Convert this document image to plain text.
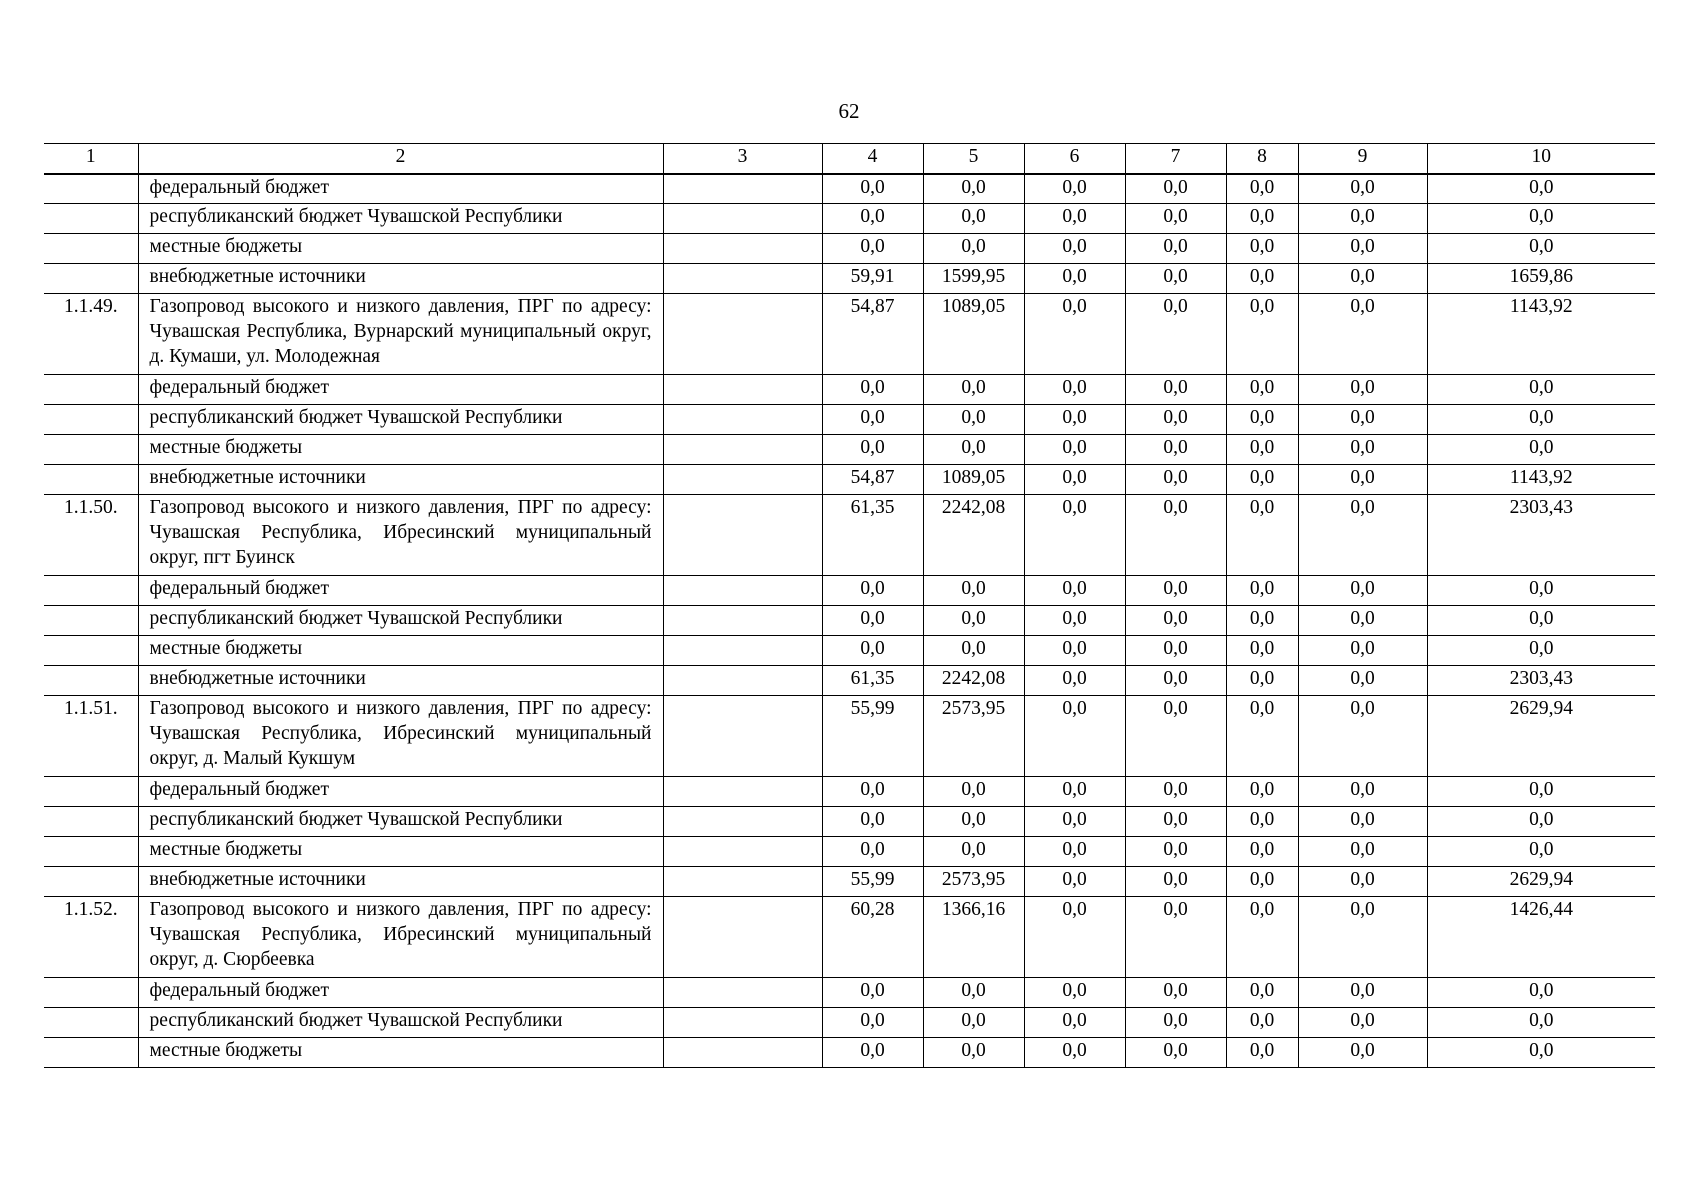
62
1	2	3	4	5	6	7	8	9	10
	федеральный бюджет		0,0	0,0	0,0	0,0	0,0	0,0	0,0
	республиканский бюджет Чувашской Республики		0,0	0,0	0,0	0,0	0,0	0,0	0,0
	местные бюджеты		0,0	0,0	0,0	0,0	0,0	0,0	0,0
	внебюджетные источники		59,91	1599,95	0,0	0,0	0,0	0,0	1659,86
1.1.49.	Газопровод высокого и низкого давления, ПРГ по адресу: Чувашская Республика, Вурнарский муниципальный округ, д. Кумаши, ул. Молодежная		54,87	1089,05	0,0	0,0	0,0	0,0	1143,92
	федеральный бюджет		0,0	0,0	0,0	0,0	0,0	0,0	0,0
	республиканский бюджет Чувашской Республики		0,0	0,0	0,0	0,0	0,0	0,0	0,0
	местные бюджеты		0,0	0,0	0,0	0,0	0,0	0,0	0,0
	внебюджетные источники		54,87	1089,05	0,0	0,0	0,0	0,0	1143,92
1.1.50.	Газопровод высокого и низкого давления, ПРГ по адресу: Чувашская Республика, Ибресинский муниципальный округ, пгт Буинск		61,35	2242,08	0,0	0,0	0,0	0,0	2303,43
	федеральный бюджет		0,0	0,0	0,0	0,0	0,0	0,0	0,0
	республиканский бюджет Чувашской Республики		0,0	0,0	0,0	0,0	0,0	0,0	0,0
	местные бюджеты		0,0	0,0	0,0	0,0	0,0	0,0	0,0
	внебюджетные источники		61,35	2242,08	0,0	0,0	0,0	0,0	2303,43
1.1.51.	Газопровод высокого и низкого давления, ПРГ по адресу: Чувашская Республика, Ибресинский муниципальный округ, д. Малый Кукшум		55,99	2573,95	0,0	0,0	0,0	0,0	2629,94
	федеральный бюджет		0,0	0,0	0,0	0,0	0,0	0,0	0,0
	республиканский бюджет Чувашской Республики		0,0	0,0	0,0	0,0	0,0	0,0	0,0
	местные бюджеты		0,0	0,0	0,0	0,0	0,0	0,0	0,0
	внебюджетные источники		55,99	2573,95	0,0	0,0	0,0	0,0	2629,94
1.1.52.	Газопровод высокого и низкого давления, ПРГ по адресу: Чувашская Республика, Ибресинский муниципальный округ, д. Сюрбеевка		60,28	1366,16	0,0	0,0	0,0	0,0	1426,44
	федеральный бюджет		0,0	0,0	0,0	0,0	0,0	0,0	0,0
	республиканский бюджет Чувашской Республики		0,0	0,0	0,0	0,0	0,0	0,0	0,0
	местные бюджеты		0,0	0,0	0,0	0,0	0,0	0,0	0,0
